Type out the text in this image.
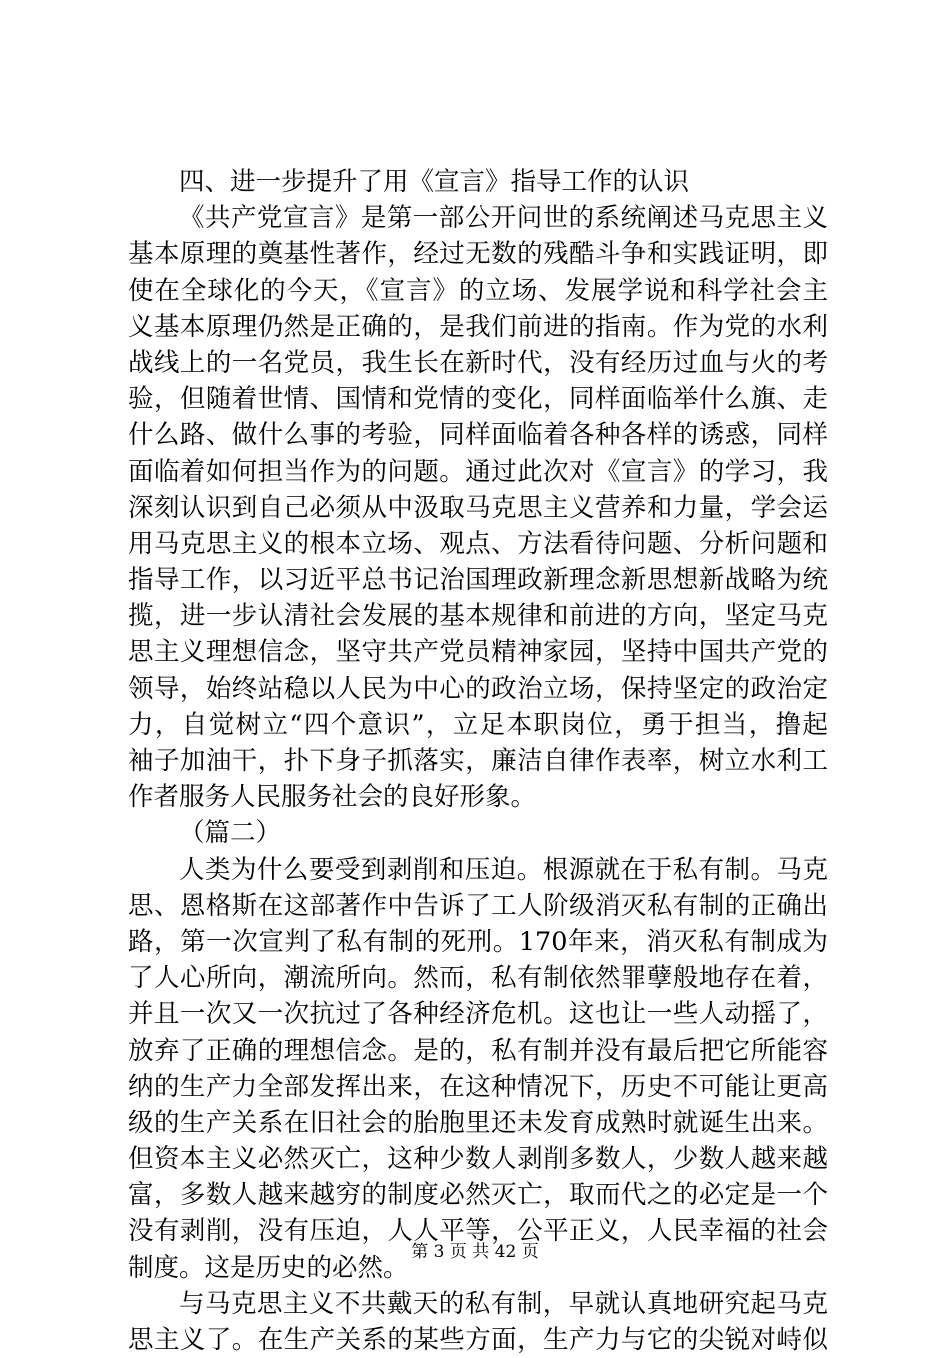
四、进一步提升了用《宣言》指导工作的认识
《共产党宣言》是第一部公开问世的系统阐述马克思主义
基本原理的奠基性著作，经过无数的残酷斗争和实践证明，即
使在全球化的今天，《宣言》的立场、发展学说和科学社会主
义基本原理仍然是正确的，是我们前进的指南。作为党的水利
战线上的一名党员，我生长在新时代，没有经历过血与火的考
验，但随着世情、国情和党情的变化，同样面临举什么旗、走
什么路、做什么事的考验，同样面临着各种各样的诱惑，同样
面临着如何担当作为的问题。通过此次对《宣言》的学习，我
深刻认识到自己必须从中汲取马克思主义营养和力量，学会运
用马克思主义的根本立场、观点、方法看待问题、分析问题和
指导工作，以习近平总书记治国理政新理念新思想新战略为统
揽，进一步认清社会发展的基本规律和前进的方向，坚定马克
思主义理想信念，坚守共产党员精神家园，坚持中国共产党的
领导，始终站稳以人民为中心的政治立场，保持坚定的政治定
力，自觉树立“四个意识”，立足本职岗位，勇于担当，撸起
袖子加油干，扑下身子抓落实，廉洁自律作表率，树立水利工
作者服务人民服务社会的良好形象。
（篇二）
人类为什么要受到剥削和压迫。根源就在于私有制。马克
思、恩格斯在这部著作中告诉了工人阶级消灭私有制的正确出
路，第一次宣判了私有制的死刑。170年来，消灭私有制成为
了人心所向，潮流所向。然而，私有制依然罪孽般地存在着，
并且一次又一次抗过了各种经济危机。这也让一些人动摇了，
放弃了正确的理想信念。是的，私有制并没有最后把它所能容
纳的生产力全部发挥出来，在这种情况下，历史不可能让更高
级的生产关系在旧社会的胎胞里还未发育成熟时就诞生出来。
但资本主义必然灭亡，这种少数人剥削多数人，少数人越来越
富，多数人越来越穷的制度必然灭亡，取而代之的必定是一个
没有剥削，没有压迫，人人平等，公平正义，人民幸福的社会
制度。这是历史的必然。
与马克思主义不共戴天的私有制，早就认真地研究起马克
思主义了。在生产关系的某些方面，生产力与它的尖锐对峙似
第 3 页 共 42 页
